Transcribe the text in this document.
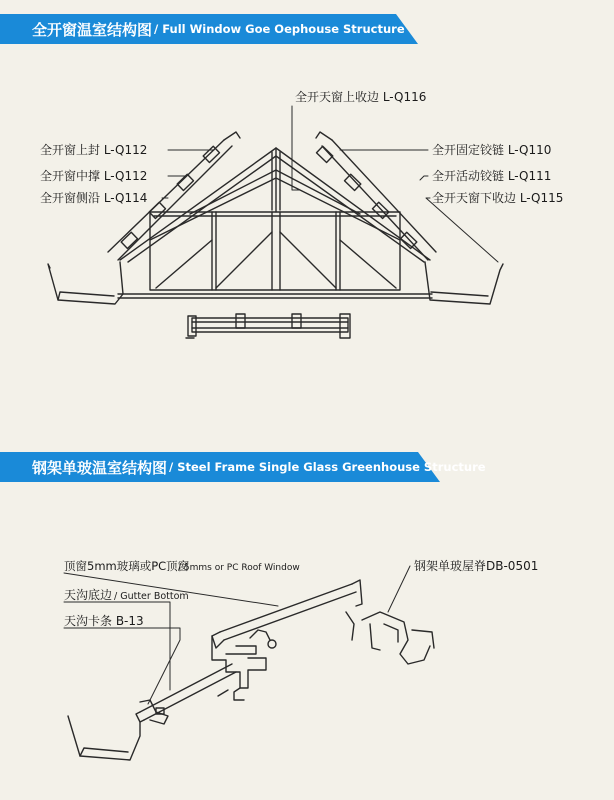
全开窗温室结构图 / Full Window Goe Oephouse Structure
钢架单玻温室结构图 / Steel Frame Single Glass Greenhouse Structure
全开天窗上收边 L-Q116
全开窗上封 L-Q112
全开窗中撑 L-Q112
全开窗侧沿 L-Q114
全开固定铰链 L-Q110
全开活动铰链 L-Q111
全开天窗下收边 L-Q115
顶窗5mm玻璃或PC顶窗
/ 5mms or PC Roof Window	钢架单玻屋脊DB-0501
天沟底边 / Gutter Bottom
天沟卡条 B-13
